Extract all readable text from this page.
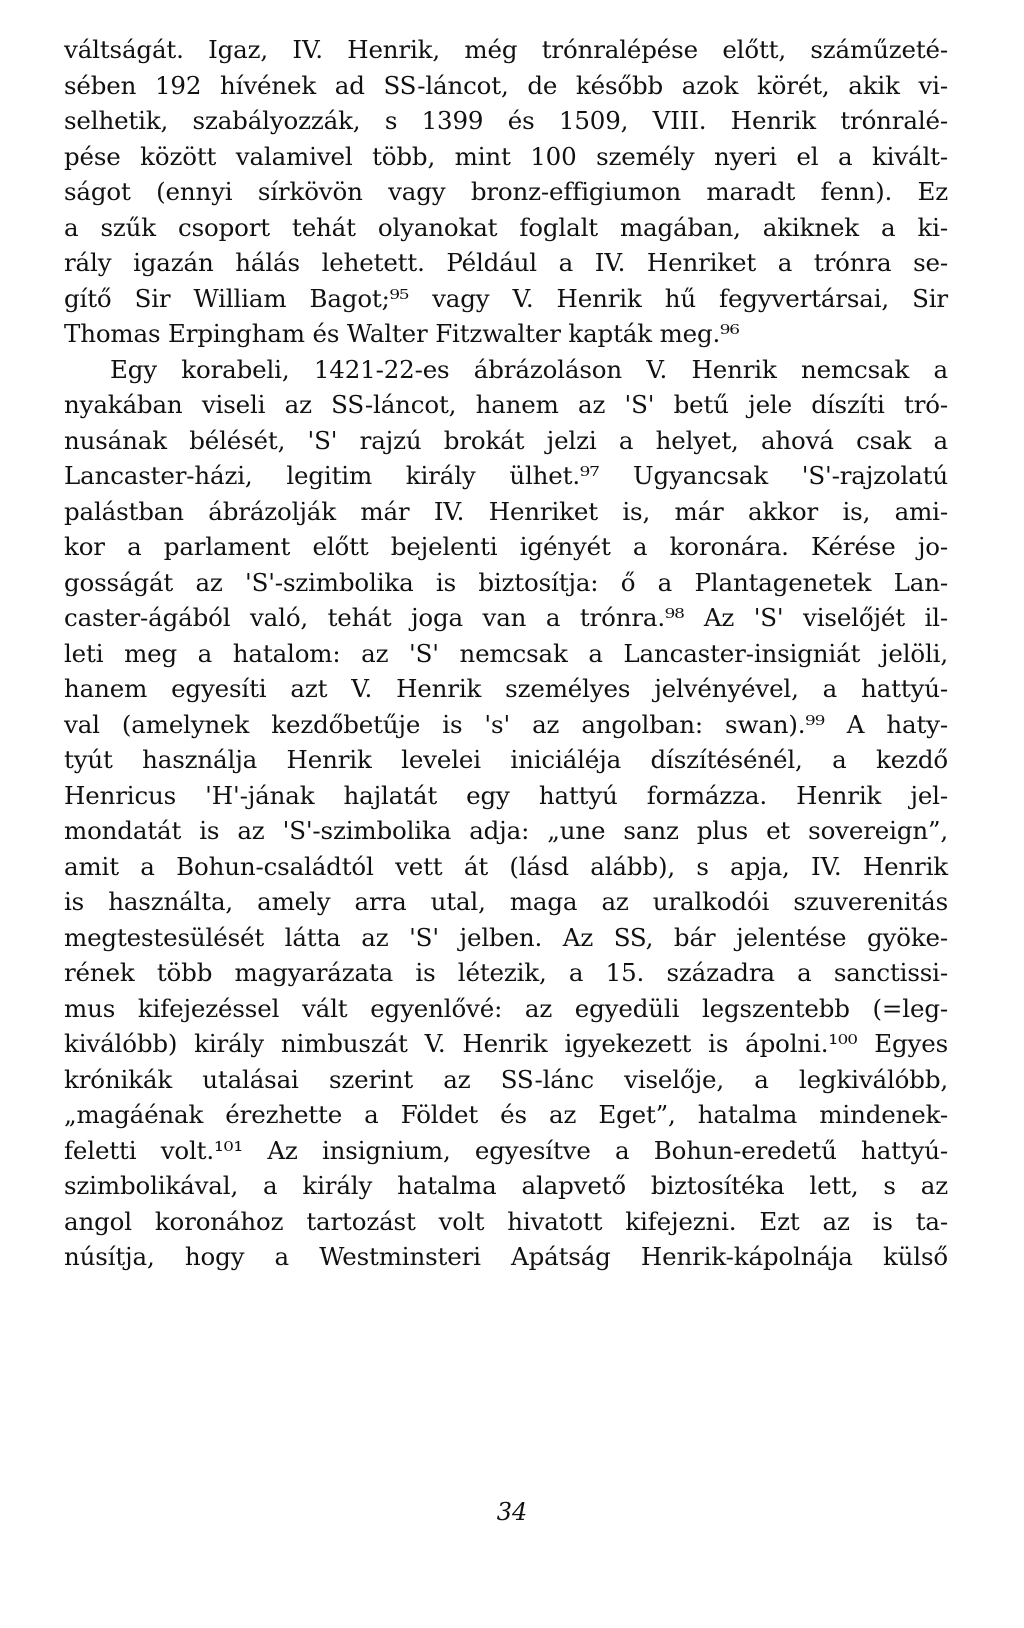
váltságát. Igaz, IV. Henrik, még trónralépése előtt, száműzeté-
sében 192 hívének ad SS-láncot, de később azok körét, akik vi-
selhetik, szabályozzák, s 1399 és 1509, VIII. Henrik trónralé-
pése között valamivel több, mint 100 személy nyeri el a kivált-
ságot (ennyi sírkövön vagy bronz-effigiumon maradt fenn). Ez
a szűk csoport tehát olyanokat foglalt magában, akiknek a ki-
rály igazán hálás lehetett. Például a IV. Henriket a trónra se-
gítő Sir William Bagot;⁹⁵ vagy V. Henrik hű fegyvertársai, Sir
Thomas Erpingham és Walter Fitzwalter kapták meg.⁹⁶
Egy korabeli, 1421-22-es ábrázoláson V. Henrik nemcsak a
nyakában viseli az SS-láncot, hanem az 'S' betű jele díszíti tró-
nusának bélését, 'S' rajzú brokát jelzi a helyet, ahová csak a
Lancaster-házi, legitim király ülhet.⁹⁷ Ugyancsak 'S'-rajzolatú
palástban ábrázolják már IV. Henriket is, már akkor is, ami-
kor a parlament előtt bejelenti igényét a koronára. Kérése jo-
gosságát az 'S'-szimbolika is biztosítja: ő a Plantagenetek Lan-
caster-ágából való, tehát joga van a trónra.⁹⁸ Az 'S' viselőjét il-
leti meg a hatalom: az 'S' nemcsak a Lancaster-insigniát jelöli,
hanem egyesíti azt V. Henrik személyes jelvényével, a hattyú-
val (amelynek kezdőbetűje is 's' az angolban: swan).⁹⁹ A haty-
tyút használja Henrik levelei iniciáléja díszítésénél, a kezdő
Henricus 'H'-jának hajlatát egy hattyú formázza. Henrik jel-
mondatát is az 'S'-szimbolika adja: „une sanz plus et sovereign”,
amit a Bohun-családtól vett át (lásd alább), s apja, IV. Henrik
is használta, amely arra utal, maga az uralkodói szuverenitás
megtestesülését látta az 'S' jelben. Az SS, bár jelentése gyöke-
rének több magyarázata is létezik, a 15. századra a sanctissi-
mus kifejezéssel vált egyenlővé: az egyedüli legszentebb (=leg-
kiválóbb) király nimbuszát V. Henrik igyekezett is ápolni.¹⁰⁰ Egyes
krónikák utalásai szerint az SS-lánc viselője, a legkiválóbb,
„magáénak érezhette a Földet és az Eget”, hatalma mindenek-
feletti volt.¹⁰¹ Az insignium, egyesítve a Bohun-eredetű hattyú-
szimbolikával, a király hatalma alapvető biztosítéka lett, s az
angol koronához tartozást volt hivatott kifejezni. Ezt az is ta-
núsítja, hogy a Westminsteri Apátság Henrik-kápolnája külső
34
